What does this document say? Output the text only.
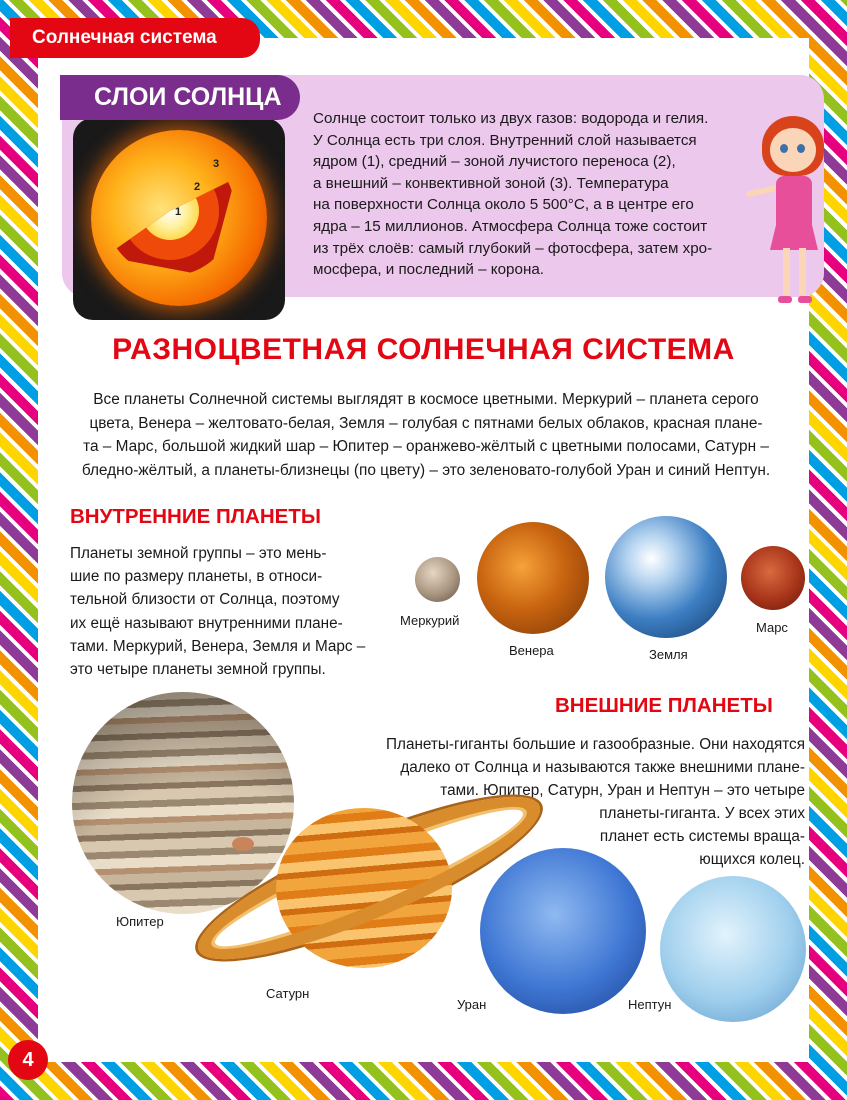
Солнечная система
1
2
3
СЛОИ СОЛНЦА

Солнце состоит только из двух газов: водорода и гелия.

У Солнца есть три слоя. Внутренний слой называется

ядром (1), средний – зоной лучистого переноса (2),

а внешний – конвективной зоной (3). Температура

на поверхности Солнца около 5 500°С, а в центре его

ядра – 15 миллионов. Атмосфера Солнца тоже состоит

из трёх слоёв: самый глубокий – фотосфера, затем хро-

мосфера, и последний – корона.

РАЗНОЦВЕТНАЯ СОЛНЕЧНАЯ СИСТЕМА

Все планеты Солнечной системы выглядят в космосе цветными. Меркурий – планета серого

цвета, Венера – желтовато-белая, Земля – голубая с пятнами белых облаков, красная плане-

та – Марс, большой жидкий шар – Юпитер – оранжево-жёлтый с цветными полосами, Сатурн –

бледно-жёлтый, а планеты-близнецы (по цвету) – это зеленовато-голубой Уран и синий Нептун.

ВНУТРЕННИЕ ПЛАНЕТЫ

Планеты земной группы – это мень-

шие по размеру планеты, в относи-

тельной близости от Солнца, поэтому

их ещё называют внутренними плане-

тами. Меркурий, Венера, Земля и Марс –

это четыре планеты земной группы.

Меркурий
Венера	Земля
Марс
ВНЕШНИЕ ПЛАНЕТЫ

Планеты-гиганты большие и газообразные. Они находятся

далеко от Солнца и называются также внешними плане-

тами. Юпитер, Сатурн, Уран и Нептун – это четыре

планеты-гиганта. У всех этих

планет есть системы враща-

ющихся колец.

Юпитер
Сатурн
Уран	Нептун
4
